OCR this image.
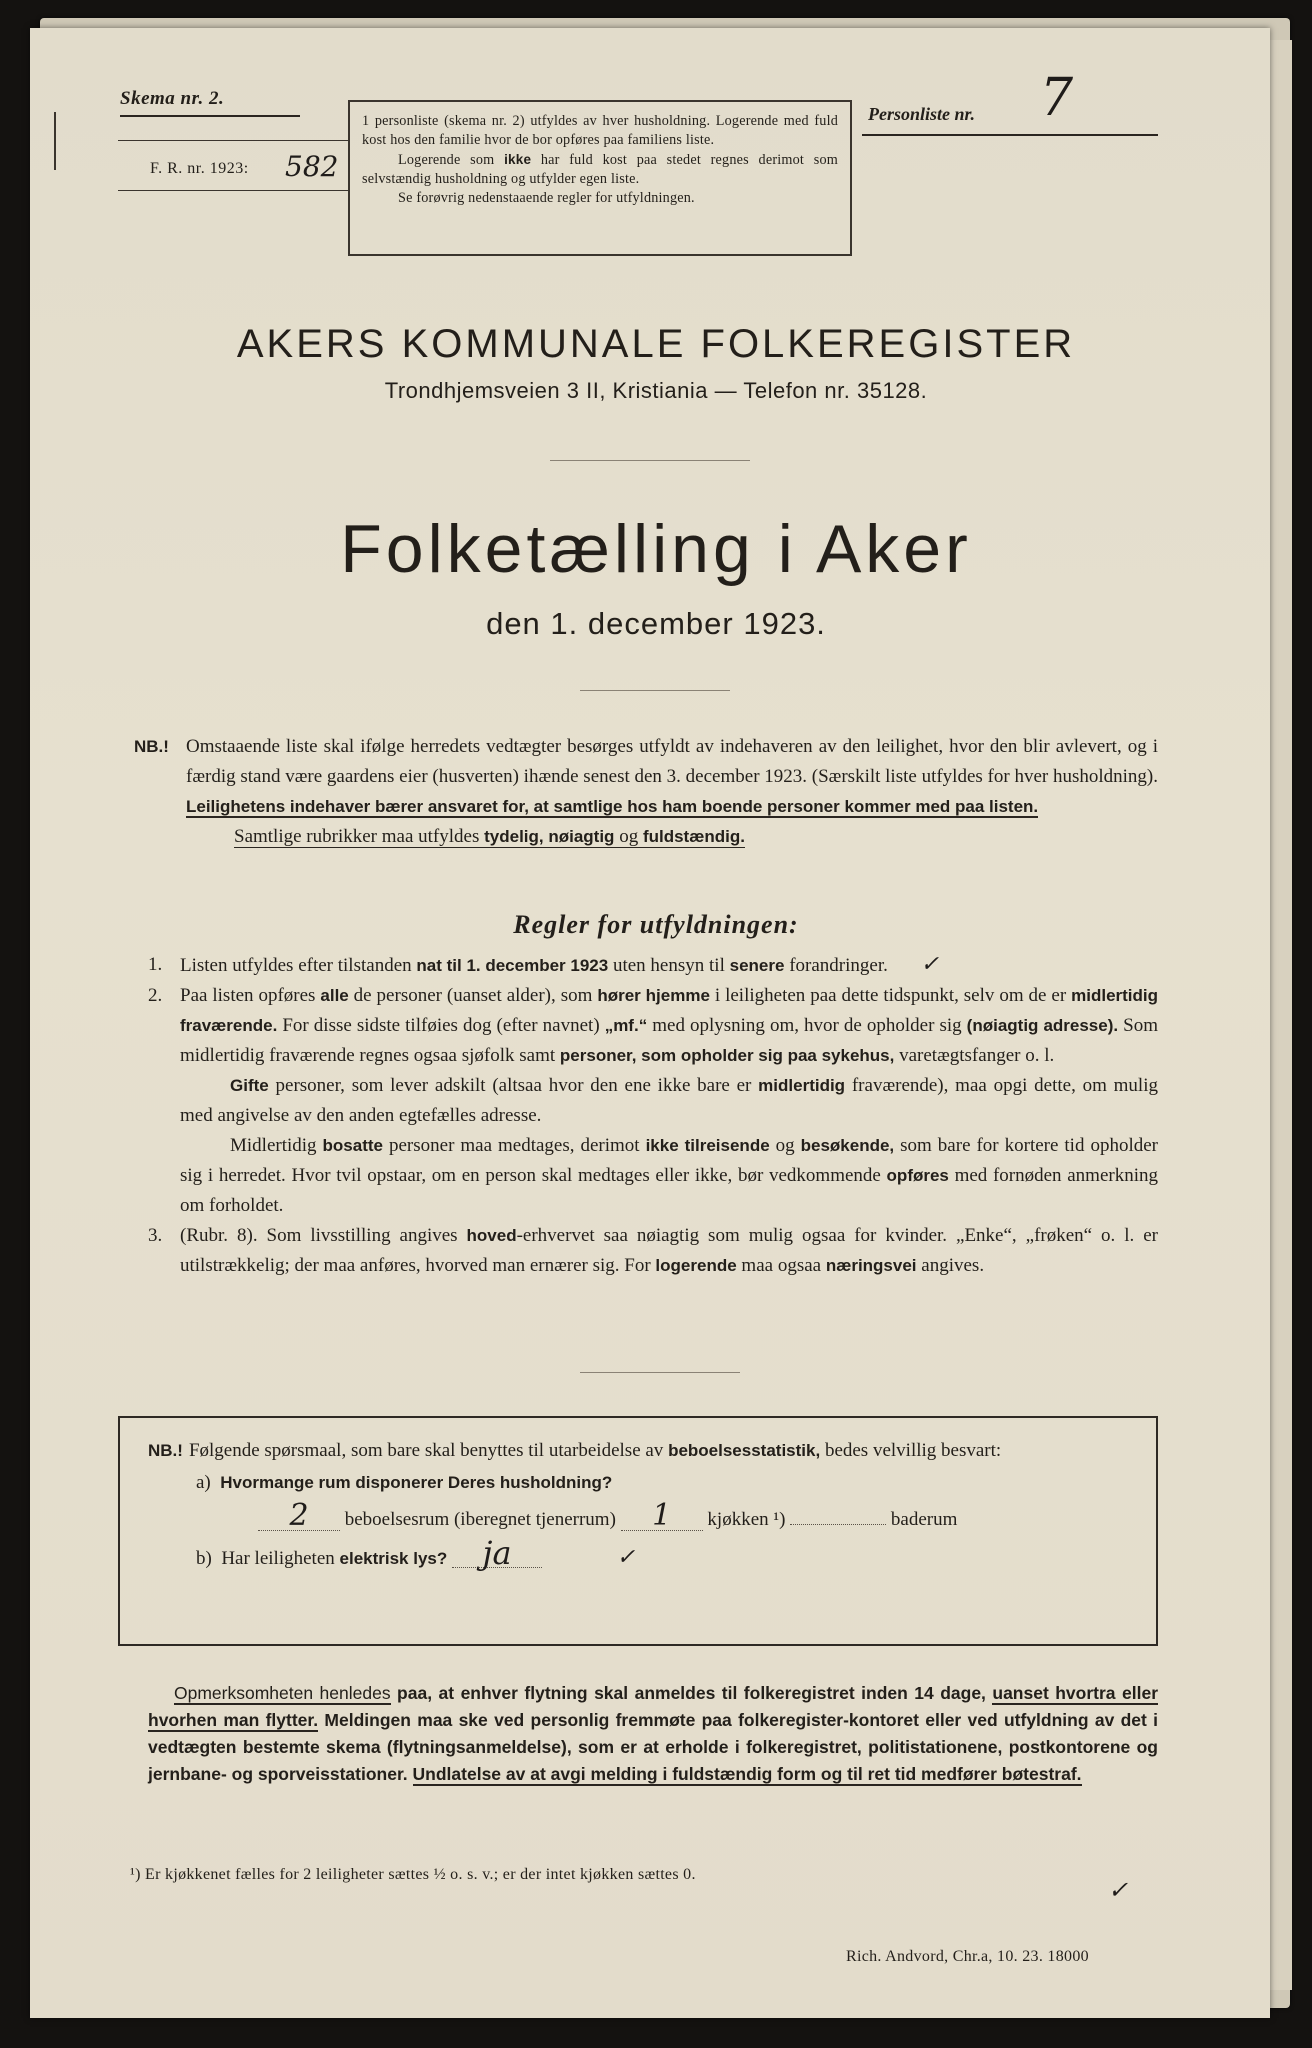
Skema nr. 2.
F. R. nr. 1923: 582

1 personliste (skema nr. 2) utfyldes av hver husholdning. Logerende med fuld kost hos den familie hvor de bor opføres paa familiens liste.

Logerende som ikke har fuld kost paa stedet regnes derimot som selvstændig husholdning og utfylder egen liste.

Se forøvrig nedenstaaende regler for utfyldningen.

Personliste nr. 7
AKERS KOMMUNALE FOLKEREGISTER
Trondhjemsveien 3 II, Kristiania — Telefon nr. 35128.
Folketælling i Aker
den 1. december 1923.
NB.! Omstaaende liste skal ifølge herredets vedtægter besørges utfyldt av indehaveren av den leilighet, hvor den blir avlevert, og i færdig stand være gaardens eier (husverten) ihænde senest den 3. december 1923. (Særskilt liste utfyldes for hver husholdning). Leilighetens indehaver bærer ansvaret for, at samtlige hos ham boende personer kommer med paa listen.
Samtlige rubrikker maa utfyldes tydelig, nøiagtig og fuldstændig.
Regler for utfyldningen:
1. Listen utfyldes efter tilstanden nat til 1. december 1923 uten hensyn til senere forandringer. ✓
2. Paa listen opføres alle de personer (uanset alder), som hører hjemme i leiligheten paa dette tidspunkt, selv om de er midlertidig fraværende. For disse sidste tilføies dog (efter navnet) „mf.“ med oplysning om, hvor de opholder sig (nøiagtig adresse). Som midlertidig fraværende regnes ogsaa sjøfolk samt personer, som opholder sig paa sykehus, varetægtsfanger o. l.
Gifte personer, som lever adskilt (altsaa hvor den ene ikke bare er midlertidig fraværende), maa opgi dette, om mulig med angivelse av den anden egtefælles adresse.
Midlertidig bosatte personer maa medtages, derimot ikke tilreisende og besøkende, som bare for kortere tid opholder sig i herredet. Hvor tvil opstaar, om en person skal medtages eller ikke, bør vedkommende opføres med fornøden anmerkning om forholdet.
3. (Rubr. 8). Som livsstilling angives hoved-erhvervet saa nøiagtig som mulig ogsaa for kvinder. „Enke“, „frøken“ o. l. er utilstrækkelig; der maa anføres, hvorved man ernærer sig. For logerende maa ogsaa næringsvei angives.
NB.! Følgende spørsmaal, som bare skal benyttes til utarbeidelse av beboelsesstatistik, bedes velvillig besvart:
a) Hvormange rum disponerer Deres husholdning?
2 beboelsesrum (iberegnet tjenerrum) 1 kjøkken ¹)	baderum
b) Har leiligheten elektrisk lys? ja	✓
Opmerksomheten henledes paa, at enhver flytning skal anmeldes til folkeregistret inden 14 dage, uanset hvortra eller hvorhen man flytter. Meldingen maa ske ved personlig fremmøte paa folkeregister-kontoret eller ved utfyldning av det i vedtægten bestemte skema (flytningsanmeldelse), som er at erholde i folkeregistret, politistationene, postkontorene og jernbane- og sporveisstationer. Undlatelse av at avgi melding i fuldstændig form og til ret tid medfører bøtestraf.
¹) Er kjøkkenet fælles for 2 leiligheter sættes ½ o. s. v.; er der intet kjøkken sættes 0.
✓
Rich. Andvord, Chr.a, 10. 23. 18000
